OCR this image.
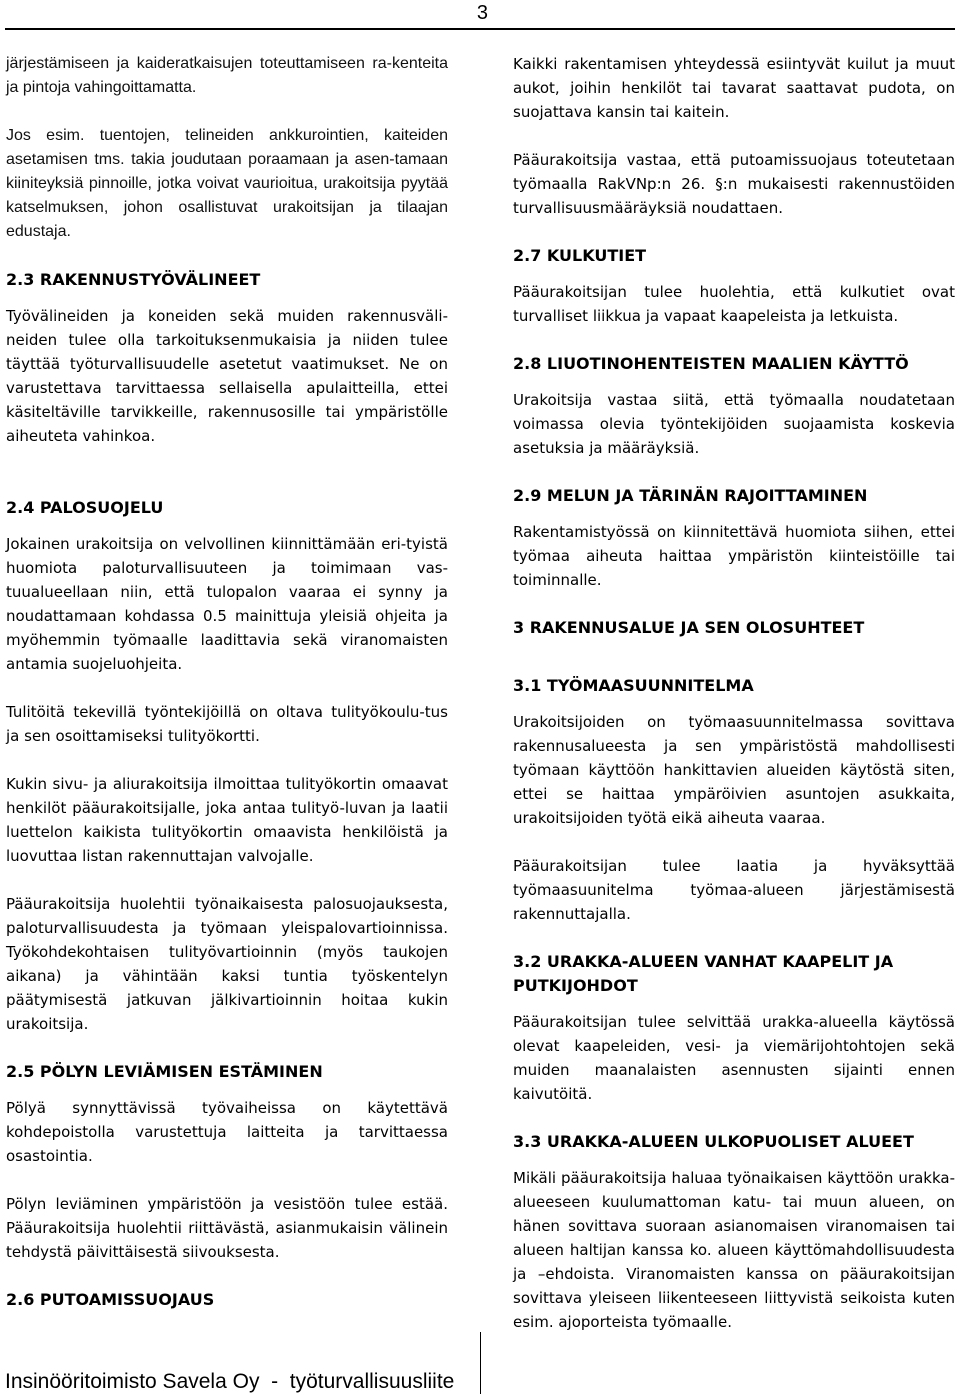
3

järjestämiseen ja kaideratkaisujen toteuttamiseen ra-kenteita ja pintoja vahingoittamatta.

Jos esim. tuentojen, telineiden ankkurointien, kaiteiden asetamisen tms. takia joudutaan poraamaan ja asen-tamaan kiiniteyksiä pinnoille, jotka voivat vaurioitua, urakoitsija pyytää katselmuksen, johon osallistuvat urakoitsijan ja tilaajan edustaja.

2.3 RAKENNUSTYÖVÄLINEET

Työvälineiden ja koneiden sekä muiden rakennusväli-neiden tulee olla tarkoituksenmukaisia ja niiden tulee täyttää työturvallisuudelle asetetut vaatimukset. Ne on varustettava tarvittaessa sellaisella apulaitteilla, ettei käsiteltäville tarvikkeille, rakennusosille tai ympäristölle aiheuteta vahinkoa.

2.4 PALOSUOJELU

Jokainen urakoitsija on velvollinen kiinnittämään eri-tyistä huomiota paloturvallisuuteen ja toimimaan vas-tuualueellaan niin, että tulopalon vaaraa ei synny ja noudattamaan kohdassa 0.5 mainittuja yleisiä ohjeita ja myöhemmin työmaalle laadittavia sekä viranomaisten antamia suojeluohjeita.

Tulitöitä tekevillä työntekijöillä on oltava tulityökoulu-tus ja sen osoittamiseksi tulityökortti.

Kukin sivu- ja aliurakoitsija ilmoittaa tulityökortin omaavat henkilöt pääurakoitsijalle, joka antaa tulityö-luvan ja laatii luettelon kaikista tulityökortin omaavista henkilöistä ja luovuttaa listan rakennuttajan valvojalle.

Pääurakoitsija huolehtii työnaikaisesta palosuojauksesta, paloturvallisuudesta ja työmaan yleispalovartioinnissa. Työkohdekohtaisen tulityövartioinnin (myös taukojen aikana) ja vähintään kaksi tuntia työskentelyn päätymisestä jatkuvan jälkivartioinnin hoitaa kukin urakoitsija.

2.5 PÖLYN LEVIÄMISEN ESTÄMINEN

Pölyä synnyttävissä työvaiheissa on käytettävä kohdepoistolla varustettuja laitteita ja tarvittaessa osastointia.

Pölyn leviäminen ympäristöön ja vesistöön tulee estää. Pääurakoitsija huolehtii riittävästä, asianmukaisin välinein tehdystä päivittäisestä siivouksesta.

2.6 PUTOAMISSUOJAUS

Kaikki rakentamisen yhteydessä esiintyvät kuilut ja muut aukot, joihin henkilöt tai tavarat saattavat pudota, on suojattava kansin tai kaitein.

Pääurakoitsija vastaa, että putoamissuojaus toteutetaan työmaalla RakVNp:n 26. §:n mukaisesti rakennustöiden turvallisuusmääräyksiä noudattaen.

2.7 KULKUTIET

Pääurakoitsijan tulee huolehtia, että kulkutiet ovat turvalliset liikkua ja vapaat kaapeleista ja letkuista.

2.8 LIUOTINOHENTEISTEN MAALIEN KÄYTTÖ

Urakoitsija vastaa siitä, että työmaalla noudatetaan voimassa olevia työntekijöiden suojaamista koskevia asetuksia ja määräyksiä.

2.9 MELUN JA TÄRINÄN RAJOITTAMINEN

Rakentamistyössä on kiinnitettävä huomiota siihen, ettei työmaa aiheuta haittaa ympäristön kiinteistöille tai toiminnalle.

3 RAKENNUSALUE JA SEN OLOSUHTEET
3.1 TYÖMAASUUNNITELMA

Urakoitsijoiden on työmaasuunnitelmassa sovittava rakennusalueesta ja sen ympäristöstä mahdollisesti työmaan käyttöön hankittavien alueiden käytöstä siten, ettei se haittaa ympäröivien asuntojen asukkaita, urakoitsijoiden työtä eikä aiheuta vaaraa.

Pääurakoitsijan tulee laatia ja hyväksyttää työmaasuunitelma työmaa-alueen järjestämisestä rakennuttajalla.

3.2 URAKKA-ALUEEN VANHAT KAAPELIT JA PUTKIJOHDOT

Pääurakoitsijan tulee selvittää urakka-alueella käytössä olevat kaapeleiden, vesi- ja viemärijohtohtojen sekä muiden maanalaisten asennusten sijainti ennen kaivutöitä.

3.3 URAKKA-ALUEEN ULKOPUOLISET ALUEET

Mikäli pääurakoitsija haluaa työnaikaisen käyttöön urakka-alueeseen kuulumattoman katu- tai muun alueen, on hänen sovittava suoraan asianomaisen viranomaisen tai alueen haltijan kanssa ko. alueen käyttömahdollisuudesta ja –ehdoista. Viranomaisten kanssa on pääurakoitsijan sovittava yleiseen liikenteeseen liittyvistä seikoista kuten esim. ajoporteista työmaalle.

Insinööritoimisto Savela Oy  -  työturvallisuusliite
